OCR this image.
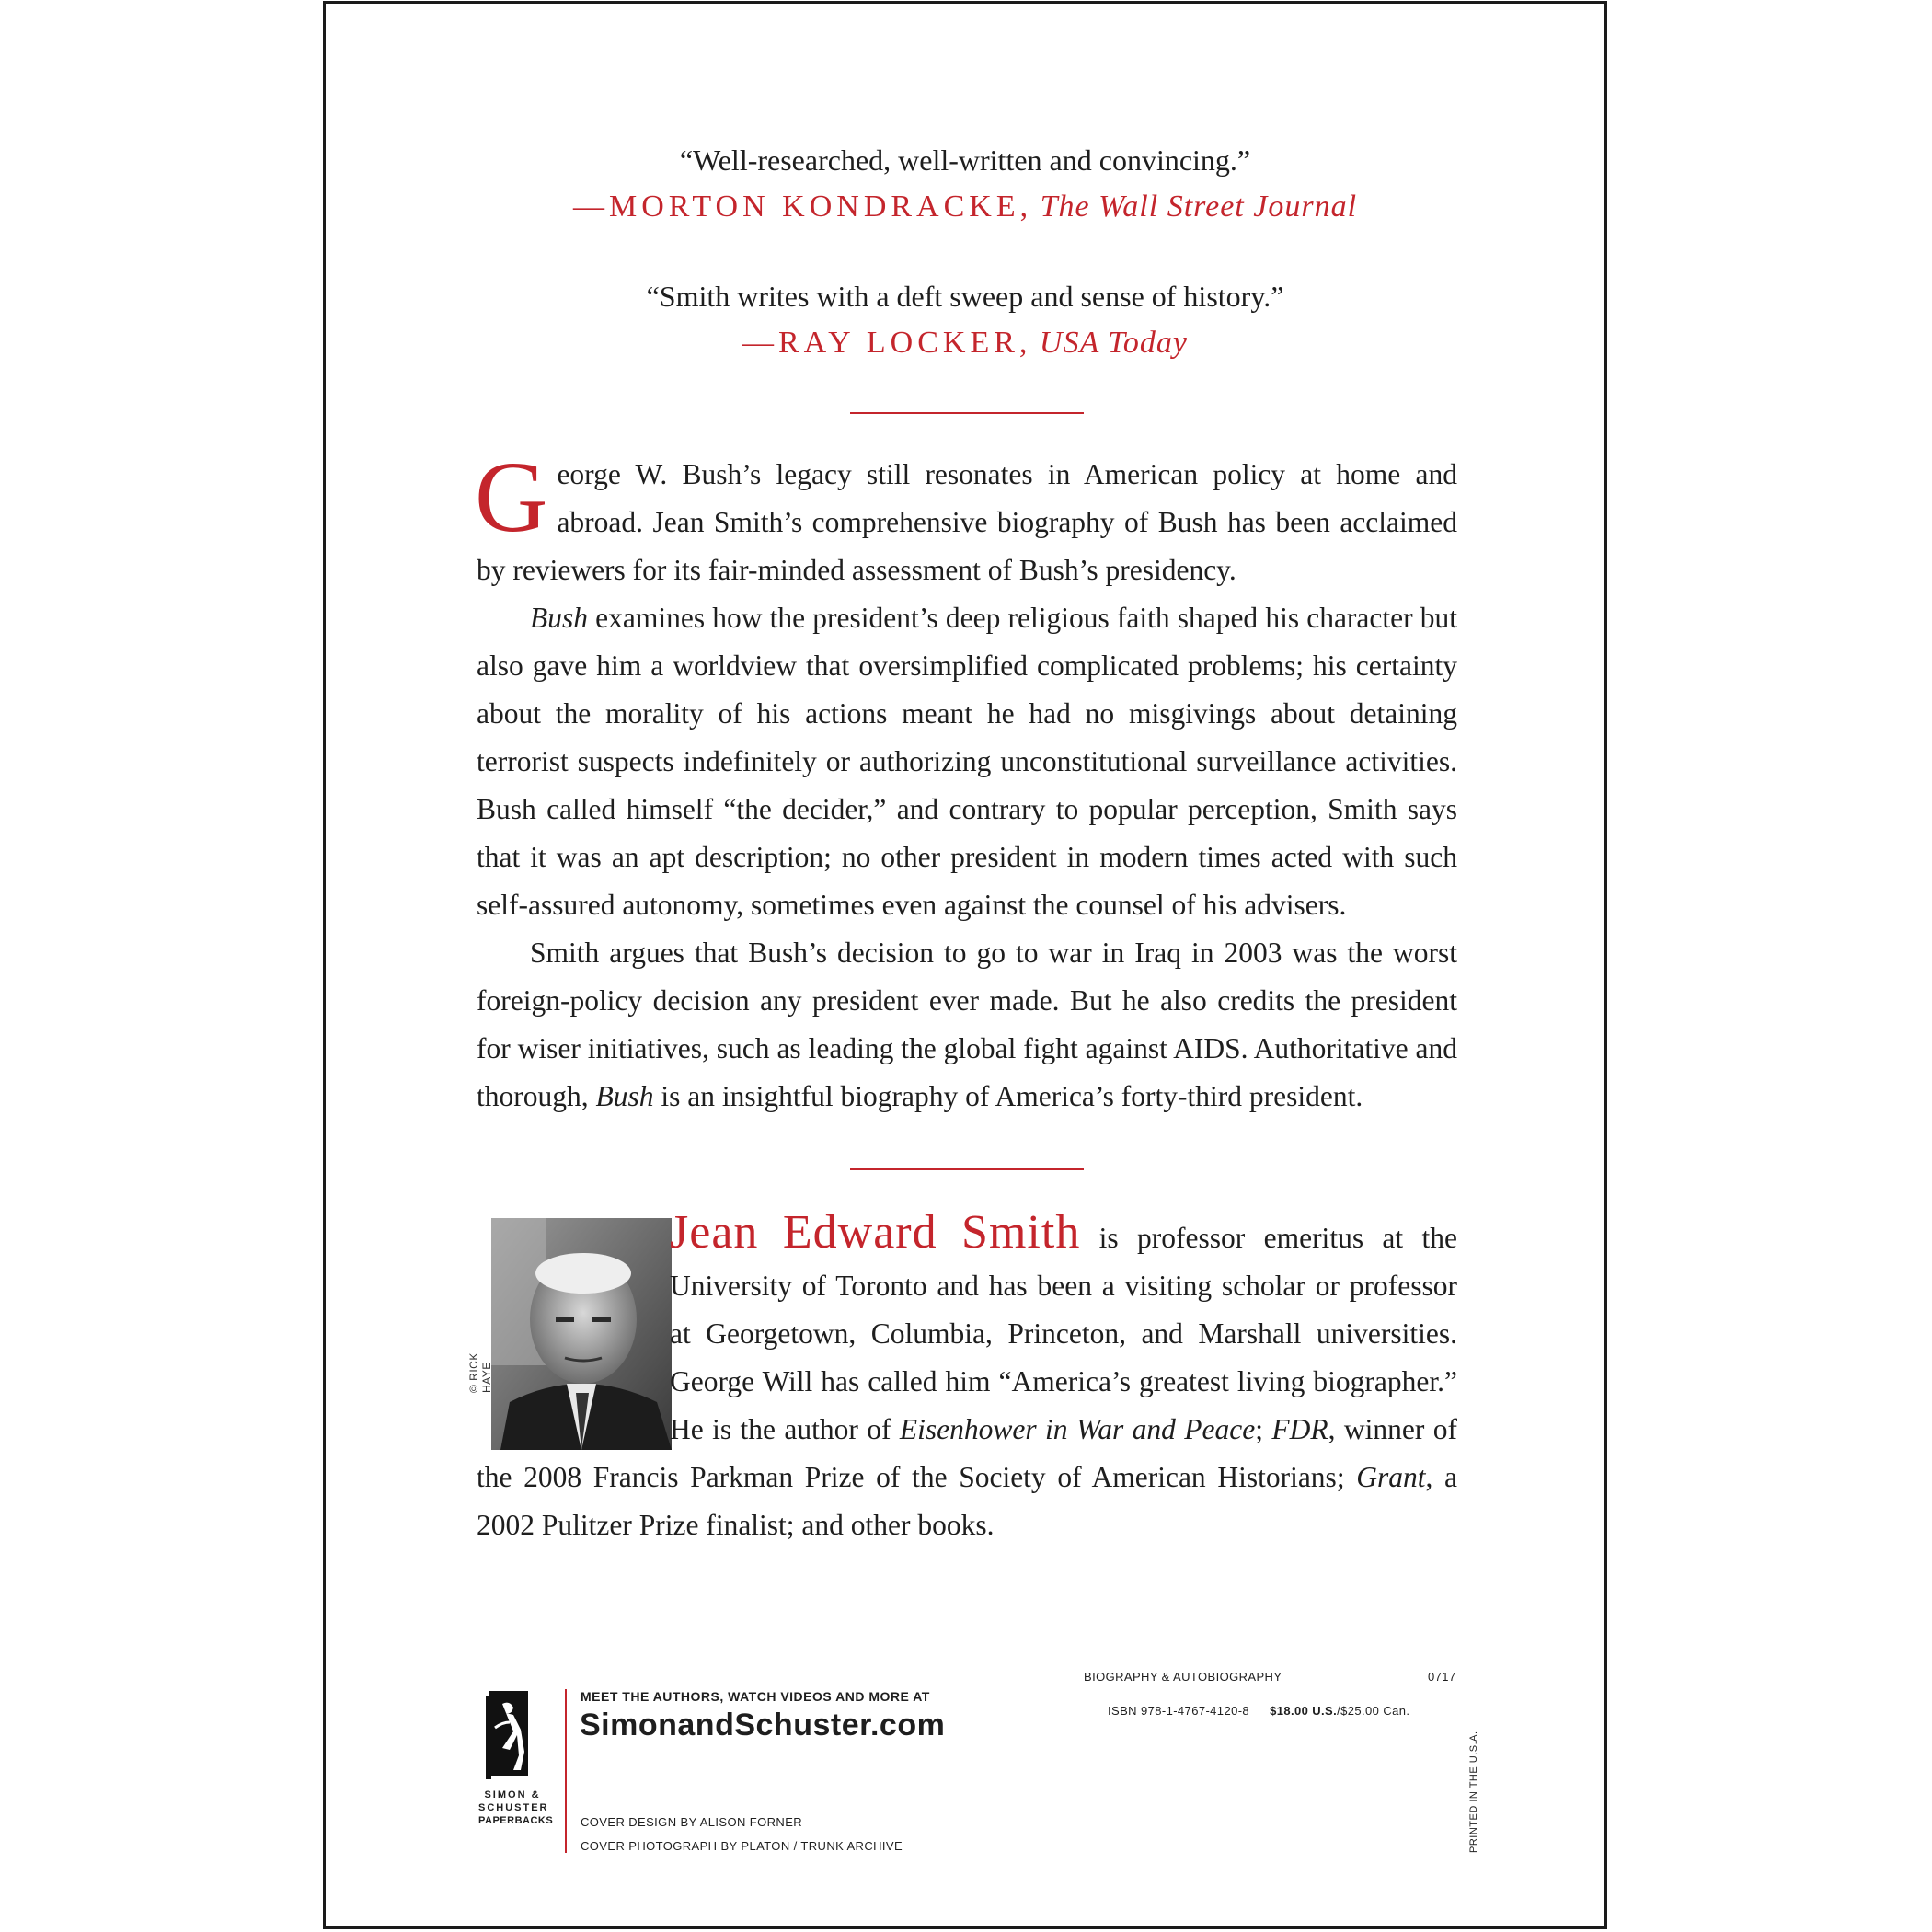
“Well-researched, well-written and convincing.”
—MORTON KONDRACKE, The Wall Street Journal
“Smith writes with a deft sweep and sense of history.”
—RAY LOCKER, USA Today

George W. Bush’s legacy still resonates in American policy at home and abroad. Jean Smith’s comprehensive biography of Bush has been acclaimed by reviewers for its fair-minded assessment of Bush’s presidency.

Bush examines how the president’s deep religious faith shaped his character but also gave him a worldview that oversimplified complicated problems; his certainty about the morality of his actions meant he had no misgivings about detaining terrorist suspects indefinitely or authorizing unconstitutional surveillance activities. Bush called himself “the decider,” and contrary to popular perception, Smith says that it was an apt description; no other president in modern times acted with such self-assured autonomy, sometimes even against the counsel of his advisers.

Smith argues that Bush’s decision to go to war in Iraq in 2003 was the worst foreign-policy decision any president ever made. But he also credits the president for wiser initiatives, such as leading the global fight against AIDS. Authoritative and thorough, Bush is an insightful biography of America’s forty-third president.

© RICK HAYE

Jean Edward Smith is professor emeritus at the University of Toronto and has been a visiting scholar or professor at Georgetown, Columbia, Princeton, and Marshall universities. George Will has called him “America’s greatest living biographer.” He is the author of Eisenhower in War and Peace; FDR, winner of the 2008 Francis Parkman Prize of the Society of American Historians; Grant, a 2002 Pulitzer Prize finalist; and other books.

SIMON &
SCHUSTER
PAPERBACKS
MEET THE AUTHORS, WATCH VIDEOS AND MORE AT
SimonandSchuster.com
COVER DESIGN BY ALISON FORNER
COVER PHOTOGRAPH BY PLATON / TRUNK ARCHIVE
BIOGRAPHY & AUTOBIOGRAPHY	0717
ISBN 978-1-4767-4120-8 $18.00 U.S./$25.00 Can.
PRINTED IN THE U.S.A.
